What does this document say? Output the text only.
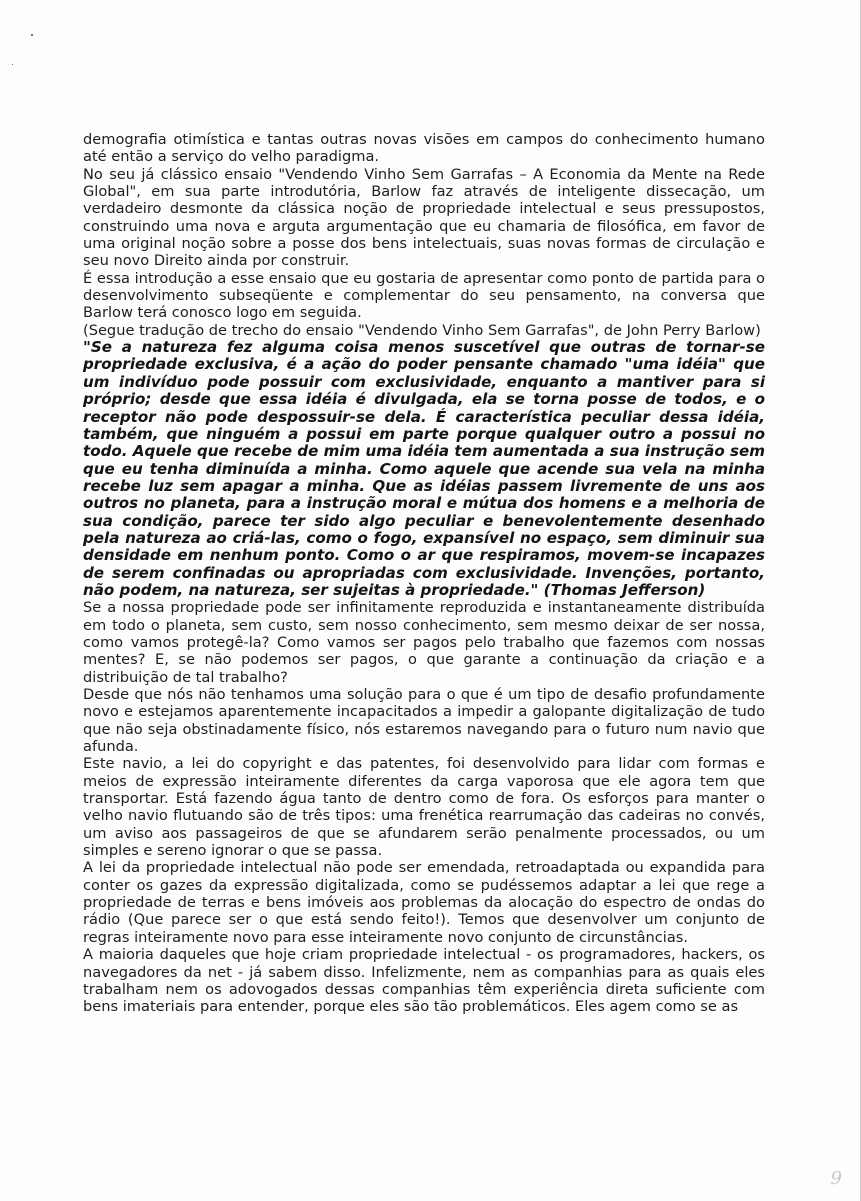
demografia otimística e tantas outras novas visões em campos do conhecimento humano até então a serviço do velho paradigma.

No seu já clássico ensaio "Vendendo Vinho Sem Garrafas – A Economia da Mente na Rede Global", em sua parte introdutória, Barlow faz através de inteligente dissecação, um verdadeiro desmonte da clássica noção de propriedade intelectual e seus pressupostos, construindo uma nova e arguta argumentação que eu chamaria de filosófica, em favor de uma original noção sobre a posse dos bens intelectuais, suas novas formas de circulação e seu novo Direito ainda por construir.

É essa introdução a esse ensaio que eu gostaria de apresentar como ponto de partida para o desenvolvimento subseqüente e complementar do seu pensamento, na conversa que Barlow terá conosco logo em seguida.

(Segue tradução de trecho do ensaio "Vendendo Vinho Sem Garrafas", de John Perry Barlow)

"Se a natureza fez alguma coisa menos suscetível que outras de tornar-se propriedade exclusiva, é a ação do poder pensante chamado "uma idéia" que um indivíduo pode possuir com exclusividade, enquanto a mantiver para si próprio; desde que essa idéia é divulgada, ela se torna posse de todos, e o receptor não pode despossuir-se dela. É característica peculiar dessa idéia, também, que ninguém a possui em parte porque qualquer outro a possui no todo. Aquele que recebe de mim uma idéia tem aumentada a sua instrução sem que eu tenha diminuída a minha. Como aquele que acende sua vela na minha recebe luz sem apagar a minha. Que as idéias passem livremente de uns aos outros no planeta, para a instrução moral e mútua dos homens e a melhoria de sua condição, parece ter sido algo peculiar e benevolentemente desenhado pela natureza ao criá-las, como o fogo, expansível no espaço, sem diminuir sua densidade em nenhum ponto. Como o ar que respiramos, movem-se incapazes de serem confinadas ou apropriadas com exclusividade. Invenções, portanto, não podem, na natureza, ser sujeitas à propriedade." (Thomas Jefferson)

Se a nossa propriedade pode ser infinitamente reproduzida e instantaneamente distribuída em todo o planeta, sem custo, sem nosso conhecimento, sem mesmo deixar de ser nossa, como vamos protegê-la? Como vamos ser pagos pelo trabalho que fazemos com nossas mentes? E, se não podemos ser pagos, o que garante a continuação da criação e a distribuição de tal trabalho?

Desde que nós não tenhamos uma solução para o que é um tipo de desafio profundamente novo e estejamos aparentemente incapacitados a impedir a galopante digitalização de tudo que não seja obstinadamente físico, nós estaremos navegando para o futuro num navio que afunda.

Este navio, a lei do copyright e das patentes, foi desenvolvido para lidar com formas e meios de expressão inteiramente diferentes da carga vaporosa que ele agora tem que transportar. Está fazendo água tanto de dentro como de fora. Os esforços para manter o velho navio flutuando são de três tipos: uma frenética rearrumação das cadeiras no convés, um aviso aos passageiros de que se afundarem serão penalmente processados, ou um simples e sereno ignorar o que se passa.

A lei da propriedade intelectual não pode ser emendada, retroadaptada ou expandida para conter os gazes da expressão digitalizada, como se pudéssemos adaptar a lei que rege a propriedade de terras e bens imóveis aos problemas da alocação do espectro de ondas do rádio (Que parece ser o que está sendo feito!). Temos que desenvolver um conjunto de regras inteiramente novo para esse inteiramente novo conjunto de circunstâncias.

A maioria daqueles que hoje criam propriedade intelectual - os programadores, hackers, os navegadores da net - já sabem disso. Infelizmente, nem as companhias para as quais eles trabalham nem os adovogados dessas companhias têm experiência direta suficiente com bens imateriais para entender, porque eles são tão problemáticos. Eles agem como se as

9
